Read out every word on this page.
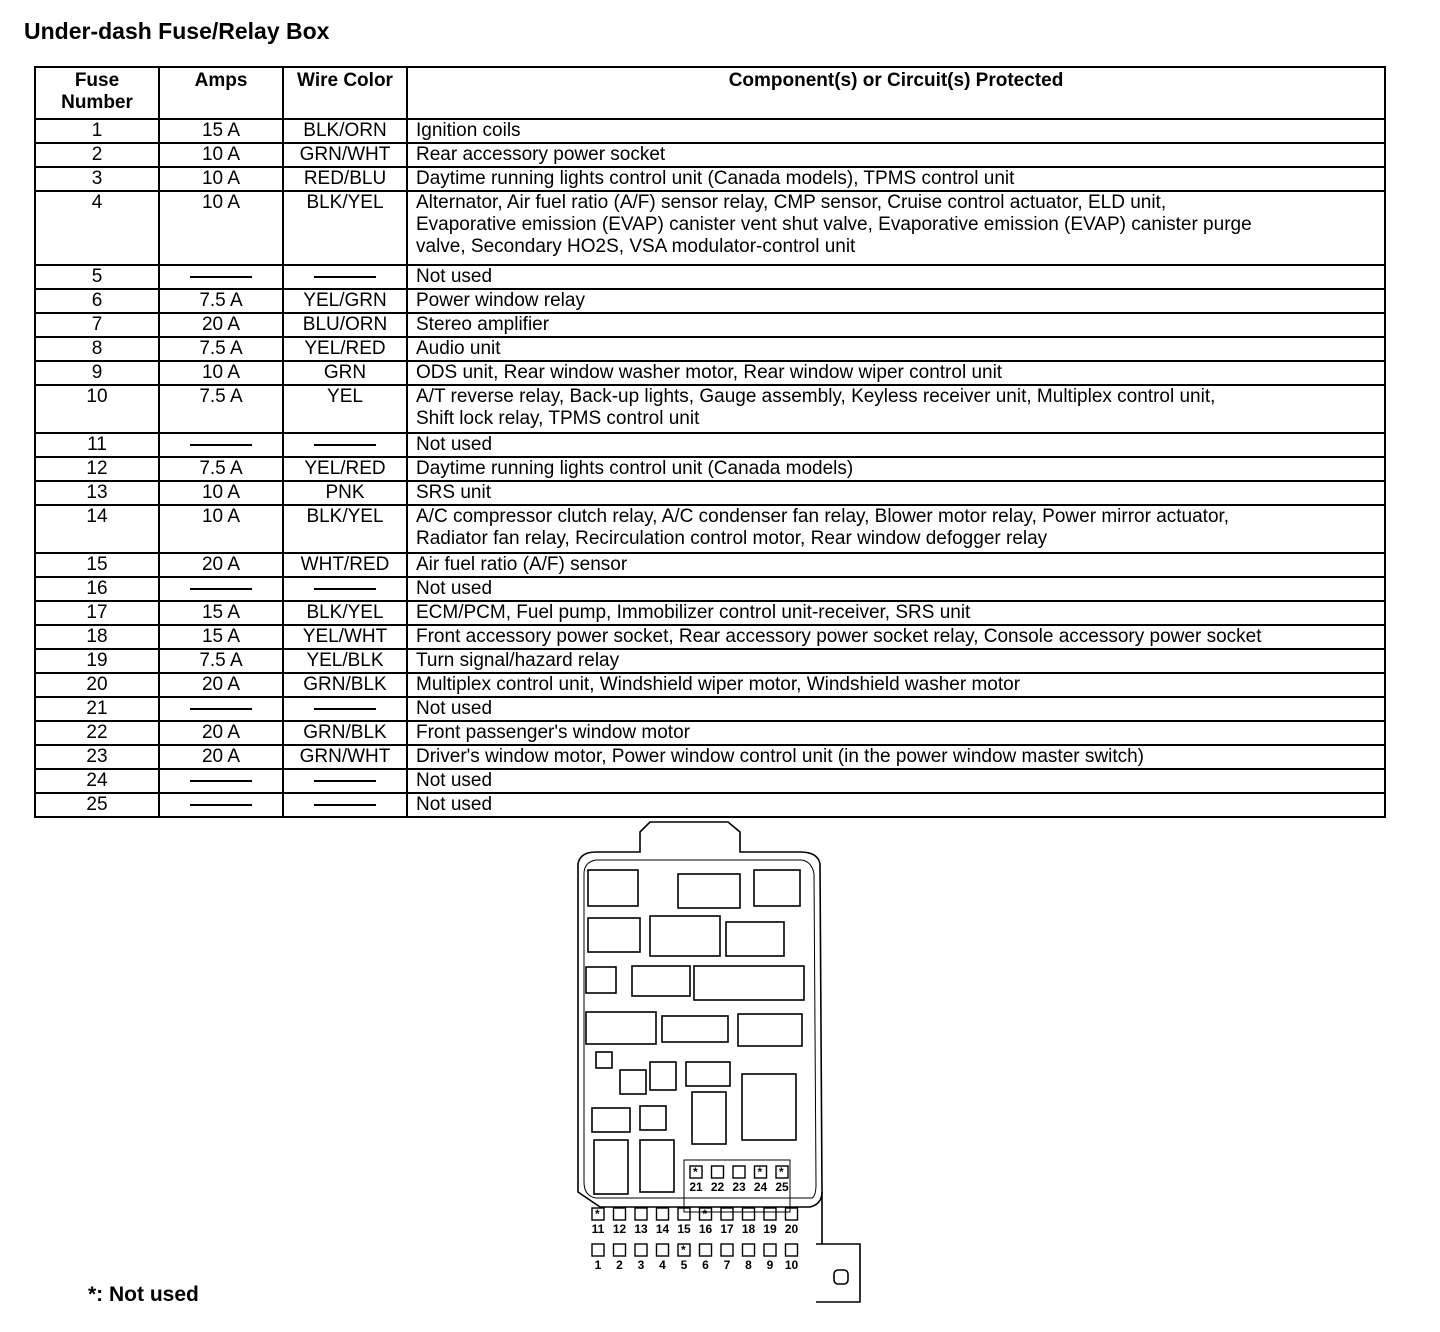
Under-dash Fuse/Relay Box
Fuse
Number	Amps	Wire Color	Component(s) or Circuit(s) Protected
1	15 A	BLK/ORN	Ignition coils
2	10 A	GRN/WHT	Rear accessory power socket
3	10 A	RED/BLU	Daytime running lights control unit (Canada models), TPMS control unit
4	10 A	BLK/YEL	Alternator, Air fuel ratio (A/F) sensor relay, CMP sensor, Cruise control actuator, ELD unit,
Evaporative emission (EVAP) canister vent shut valve, Evaporative emission (EVAP) canister purge
valve, Secondary HO2S, VSA modulator-control unit
5			Not used
6	7.5 A	YEL/GRN	Power window relay
7	20 A	BLU/ORN	Stereo amplifier
8	7.5 A	YEL/RED	Audio unit
9	10 A	GRN	ODS unit, Rear window washer motor, Rear window wiper control unit
10	7.5 A	YEL	A/T reverse relay, Back-up lights, Gauge assembly, Keyless receiver unit, Multiplex control unit,
Shift lock relay, TPMS control unit
11			Not used
12	7.5 A	YEL/RED	Daytime running lights control unit (Canada models)
13	10 A	PNK	SRS unit
14	10 A	BLK/YEL	A/C compressor clutch relay, A/C condenser fan relay, Blower motor relay, Power mirror actuator,
Radiator fan relay, Recirculation control motor, Rear window defogger relay
15	20 A	WHT/RED	Air fuel ratio (A/F) sensor
16			Not used
17	15 A	BLK/YEL	ECM/PCM, Fuel pump, Immobilizer control unit-receiver, SRS unit
18	15 A	YEL/WHT	Front accessory power socket, Rear accessory power socket relay, Console accessory power socket
19	7.5 A	YEL/BLK	Turn signal/hazard relay
20	20 A	GRN/BLK	Multiplex control unit, Windshield wiper motor, Windshield washer motor
21			Not used
22	20 A	GRN/BLK	Front passenger's window motor
23	20 A	GRN/WHT	Driver's window motor, Power window control unit (in the power window master switch)
24			Not used
25			Not used
*
21 22 23
*
24
*
25
*
11 12 13 14 15
*
16 17 18 19 20
1 2 3 4
*
5 6 7 8 9 10
*: Not used
